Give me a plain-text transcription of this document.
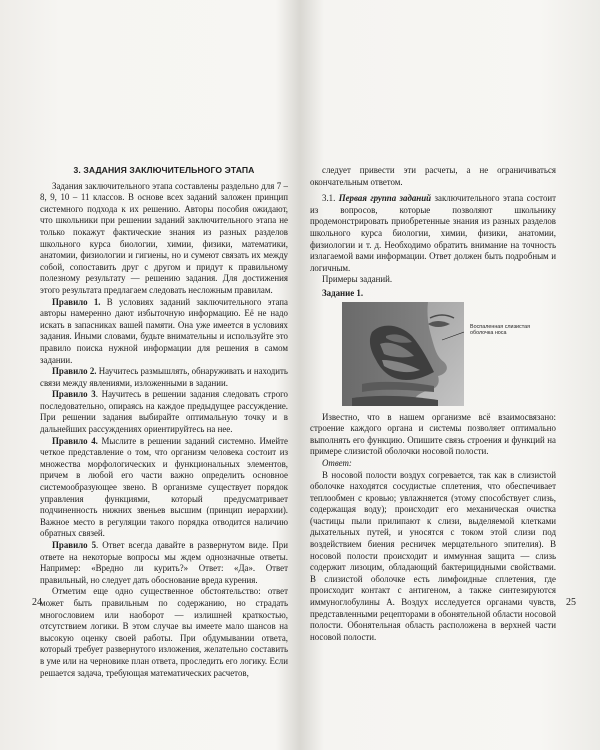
3. ЗАДАНИЯ ЗАКЛЮЧИТЕЛЬНОГО ЭТАПА

Задания заключительного этапа составлены раздельно для 7 – 8, 9, 10 – 11 классов. В основе всех заданий заложен принцип системного подхода к их решению. Авторы пособия ожидают, что школьники при решении заданий заключительного этапа не только покажут фактические знания из разных разделов школьного курса биологии, химии, физики, математики, анатомии, физиологии и гигиены, но и сумеют связать их между собой, сопоставить друг с другом и придут к правильному полезному результату — решению задания. Для достижения этого результата предлагаем следовать несложным правилам.

Правило 1. В условиях заданий заключительного этапа авторы намеренно дают избыточную информацию. Её не надо искать в запасниках вашей памяти. Она уже имеется в условиях задания. Иными словами, будьте внимательны и используйте это правило поиска нужной информации для решения в самом задании.

Правило 2. Научитесь размышлять, обнаруживать и находить связи между явлениями, изложенными в задании.

Правило 3. Научитесь в решении задания следовать строго последовательно, опираясь на каждое предыдущее рассуждение. При решении задания выбирайте оптимальную точку и в дальнейших рассуждениях ориентируйтесь на нее.

Правило 4. Мыслите в решении заданий системно. Имейте четкое представление о том, что организм человека состоит из множества морфологических и функциональных элементов, причем в любой его части важно определить основное системообразующее звено. В организме существует порядок управления функциями, который предусматривает подчиненность нижних звеньев высшим (принцип иерархии). Важное место в регуляции такого порядка отводится наличию обратных связей.

Правило 5. Ответ всегда давайте в развернутом виде. При ответе на некоторые вопросы мы ждем однозначные ответы. Например: «Вредно ли курить?» Ответ: «Да». Ответ правильный, но следует дать обоснование вреда курения.

Отметим еще одно существенное обстоятельство: ответ может быть правильным по содержанию, но страдать многословием или наоборот — излишней краткостью, отсутствием логики. В этом случае вы имеете мало шансов на высокую оценку своей работы. При обдумывании ответа, который требует развернутого изложения, желательно составить в уме или на черновике план ответа, проследить его логику. Если решается задача, требующая математических расчетов,

24

следует привести эти расчеты, а не ограничиваться окончательным ответом.

3.1. Первая группа заданий заключительного этапа состоит из вопросов, которые позволяют школьнику продемонстрировать приобретенные знания из разных разделов школьного курса биологии, химии, физики, анатомии, физиологии и т. д. Необходимо обратить внимание на точность излагаемой вами информации. Ответ должен быть подробным и логичным.

Примеры заданий.

Задание 1.

Воспаленная слизистая оболочка носа

Известно, что в нашем организме всё взаимосвязано: строение каждого органа и системы позволяет оптимально выполнять его функцию. Опишите связь строения и функций на примере слизистой оболочки носовой полости.

Ответ:

В носовой полости воздух согревается, так как в слизистой оболочке находятся сосудистые сплетения, что обеспечивает теплообмен с кровью; увлажняется (этому способствует слизь, содержащая воду); происходит его механическая очистка (частицы пыли прилипают к слизи, выделяемой клетками дыхательных путей, и уносятся с током этой слизи под воздействием биения ресничек мерцательного эпителия). В носовой полости происходит и иммунная защита — слизь содержит лизоцим, обладающий бактерицидными свойствами. В слизистой оболочке есть лимфоидные сплетения, где происходит контакт с антигеном, а также синтезируются иммуноглобулины А. Воздух исследуется органами чувств, представленными рецепторами в обонятельной области носовой полости. Обонятельная область расположена в верхней части носовой полости.

25
